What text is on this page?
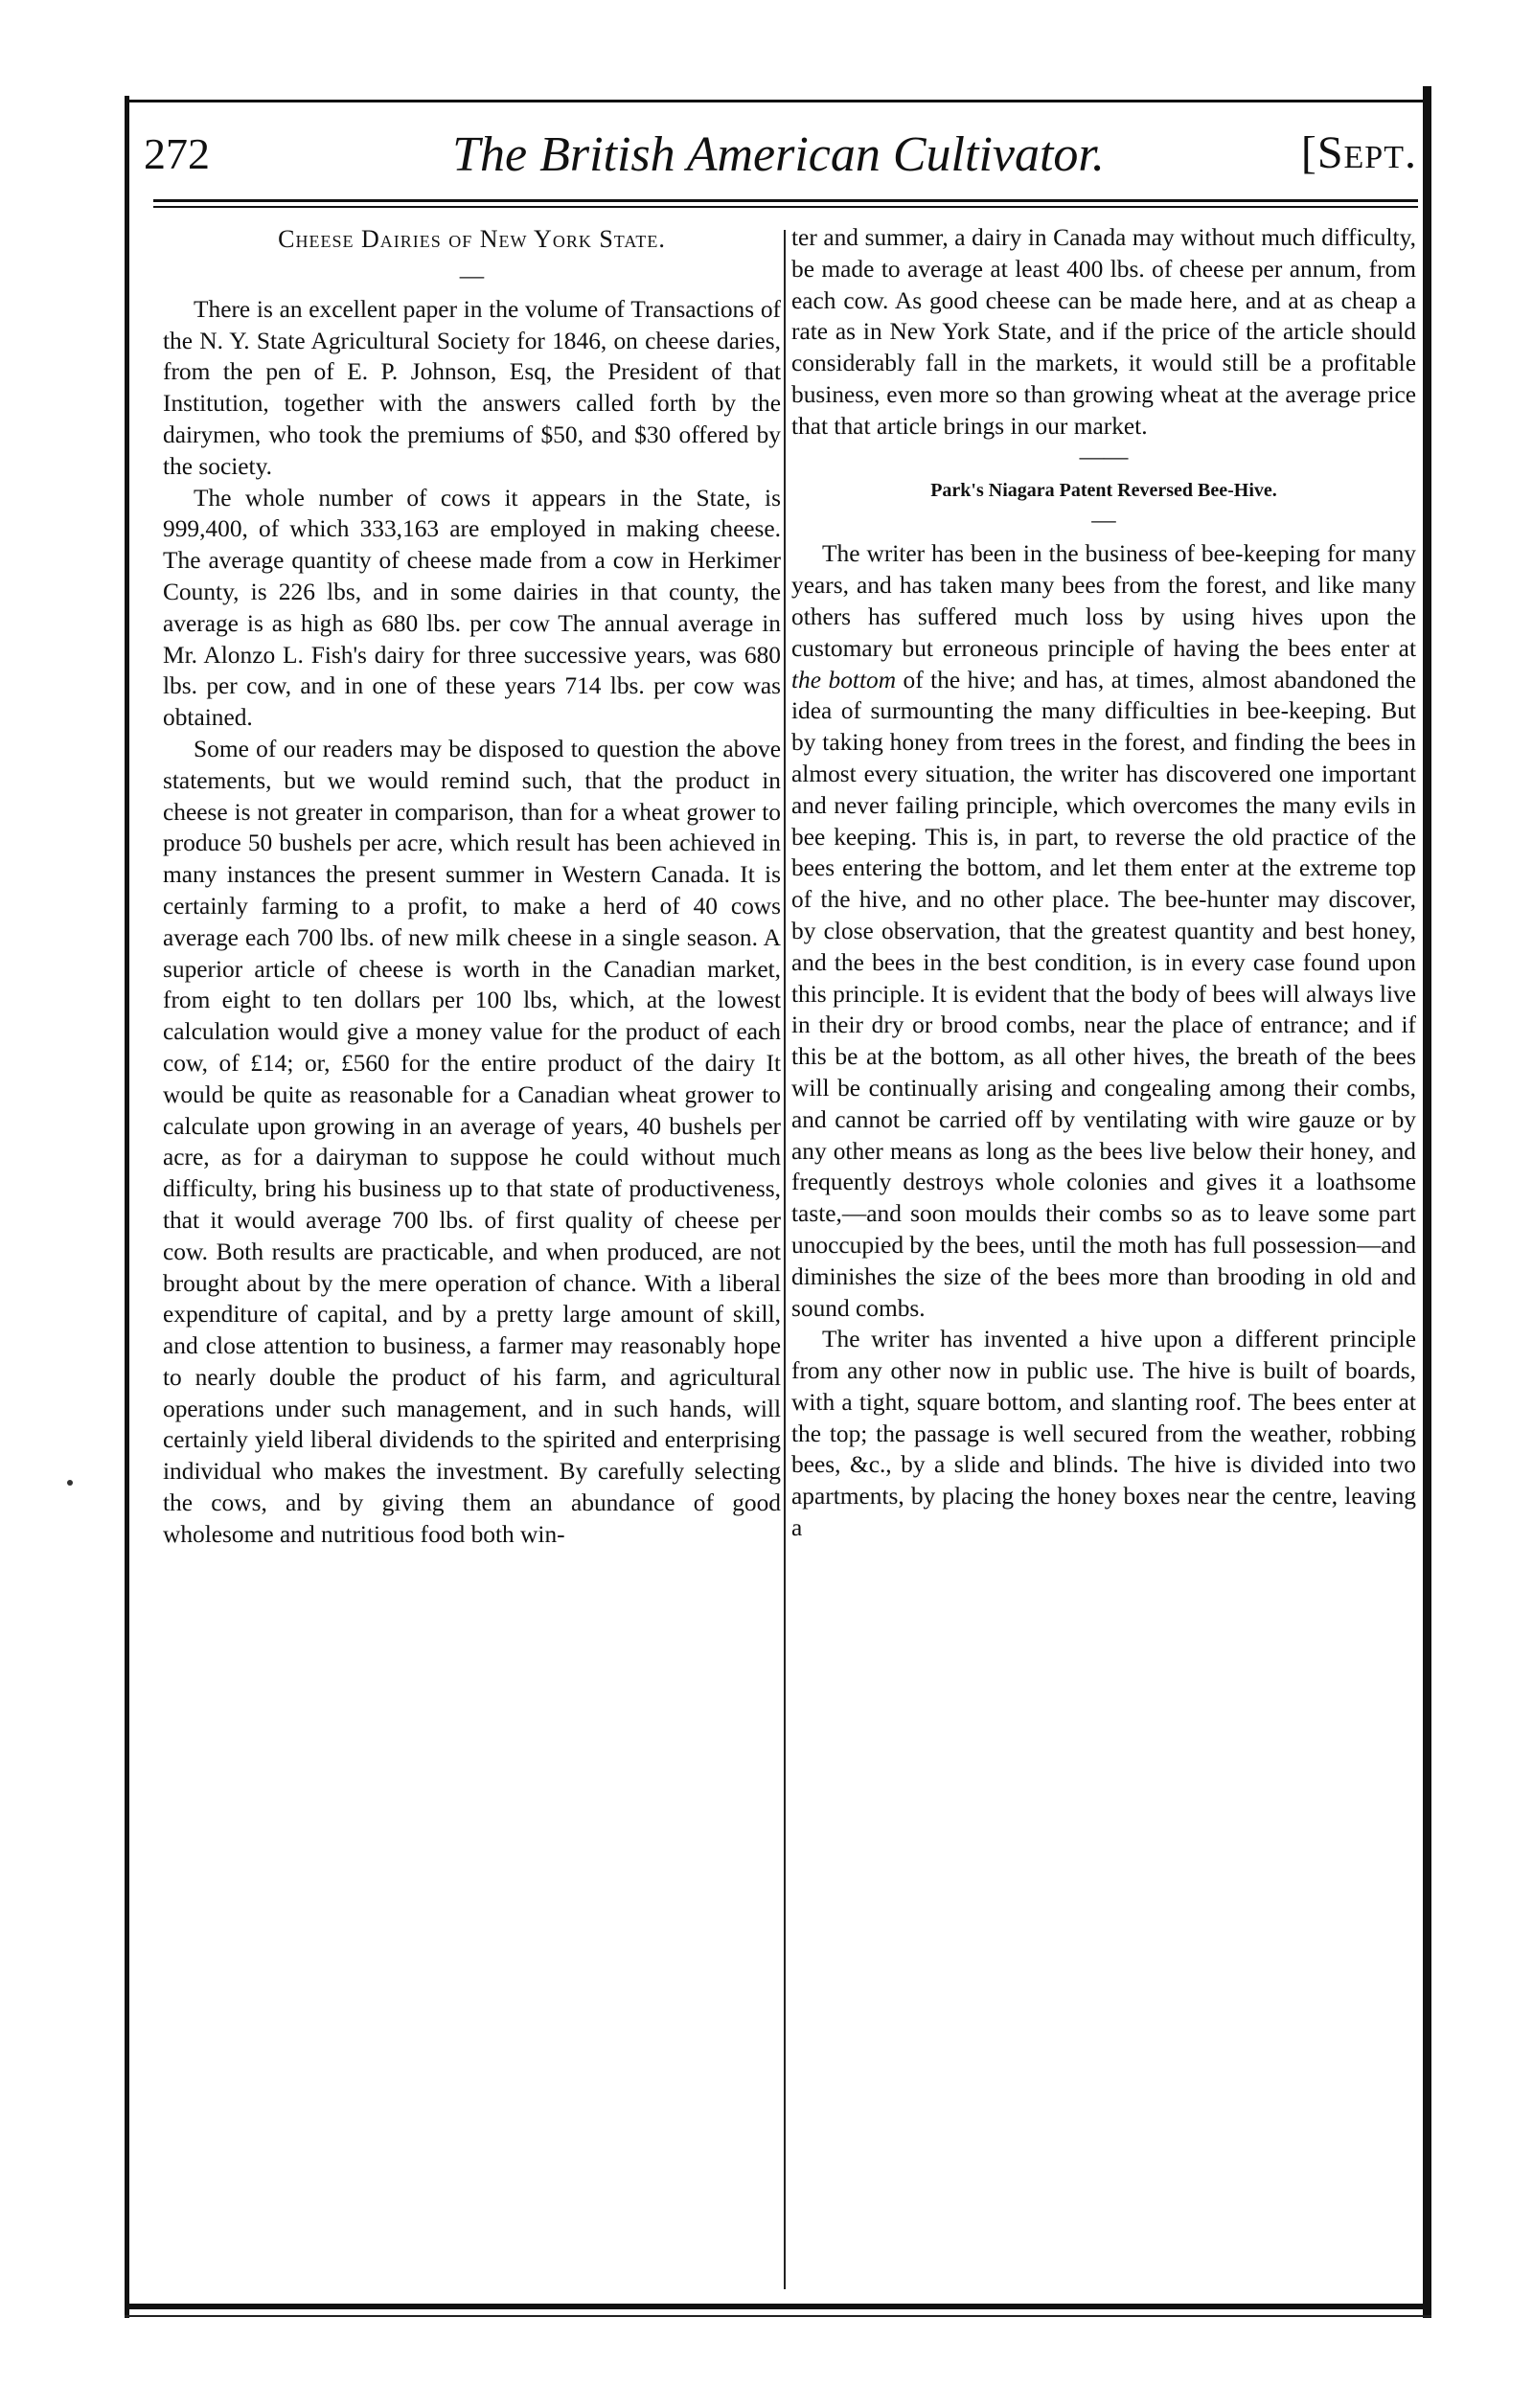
272	The British American Cultivator.	[Sept.
Cheese Dairies of New York State.
—

There is an excellent paper in the volume of Transactions of the N. Y. State Agricultural Society for 1846, on cheese daries, from the pen of E. P. Johnson, Esq, the President of that Institution, together with the answers called forth by the dairymen, who took the premiums of $50, and $30 offered by the society.

The whole number of cows it appears in the State, is 999,400, of which 333,163 are employed in making cheese. The average quantity of cheese made from a cow in Herkimer County, is 226 lbs, and in some dairies in that county, the average is as high as 680 lbs. per cow The annual average in Mr. Alonzo L. Fish's dairy for three successive years, was 680 lbs. per cow, and in one of these years 714 lbs. per cow was obtained.

Some of our readers may be disposed to question the above statements, but we would remind such, that the product in cheese is not greater in comparison, than for a wheat grower to produce 50 bushels per acre, which result has been achieved in many instances the present summer in Western Canada. It is certainly farming to a profit, to make a herd of 40 cows average each 700 lbs. of new milk cheese in a single season. A superior article of cheese is worth in the Canadian market, from eight to ten dollars per 100 lbs, which, at the lowest calculation would give a money value for the product of each cow, of £14; or, £560 for the entire product of the dairy It would be quite as reasonable for a Canadian wheat grower to calculate upon growing in an average of years, 40 bushels per acre, as for a dairyman to suppose he could without much difficulty, bring his business up to that state of productiveness, that it would average 700 lbs. of first quality of cheese per cow. Both results are practicable, and when produced, are not brought about by the mere operation of chance. With a liberal expenditure of capital, and by a pretty large amount of skill, and close attention to business, a farmer may reasonably hope to nearly double the product of his farm, and agricultural operations under such management, and in such hands, will certainly yield liberal dividends to the spirited and enterprising individual who makes the investment. By carefully selecting the cows, and by giving them an abundance of good wholesome and nutritious food both win-

ter and summer, a dairy in Canada may without much difficulty, be made to average at least 400 lbs. of cheese per annum, from each cow. As good cheese can be made here, and at as cheap a rate as in New York State, and if the price of the article should considerably fall in the markets, it would still be a profitable business, even more so than growing wheat at the average price that that article brings in our market.

——
Park's Niagara Patent Reversed Bee-Hive.
—

The writer has been in the business of bee-keeping for many years, and has taken many bees from the forest, and like many others has suffered much loss by using hives upon the customary but erroneous principle of having the bees enter at the bottom of the hive; and has, at times, almost abandoned the idea of surmounting the many difficulties in bee-keeping. But by taking honey from trees in the forest, and finding the bees in almost every situation, the writer has discovered one important and never failing principle, which overcomes the many evils in bee keeping. This is, in part, to reverse the old practice of the bees entering the bottom, and let them enter at the extreme top of the hive, and no other place. The bee-hunter may discover, by close observation, that the greatest quantity and best honey, and the bees in the best condition, is in every case found upon this principle. It is evident that the body of bees will always live in their dry or brood combs, near the place of entrance; and if this be at the bottom, as all other hives, the breath of the bees will be continually arising and congealing among their combs, and cannot be carried off by ventilating with wire gauze or by any other means as long as the bees live below their honey, and frequently destroys whole colonies and gives it a loathsome taste,—and soon moulds their combs so as to leave some part unoccupied by the bees, until the moth has full possession—and diminishes the size of the bees more than brooding in old and sound combs.

The writer has invented a hive upon a different principle from any other now in public use. The hive is built of boards, with a tight, square bottom, and slanting roof. The bees enter at the top; the passage is well secured from the weather, robbing bees, &c., by a slide and blinds. The hive is divided into two apartments, by placing the honey boxes near the centre, leaving a
